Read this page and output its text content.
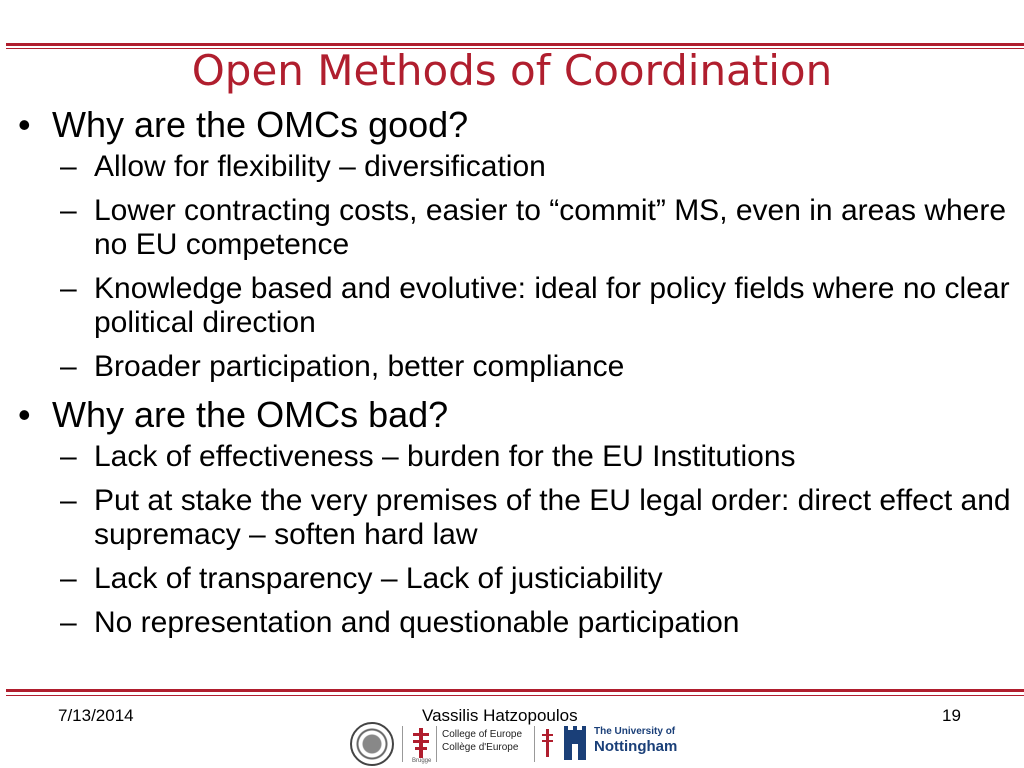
Open Methods of Coordination
• Why are the OMCs good?
– Allow for flexibility – diversification
– Lower contracting costs, easier to “commit” MS, even in areas where no EU competence
– Knowledge based and evolutive: ideal for policy fields where no clear political direction
– Broader participation, better compliance
• Why are the OMCs bad?
– Lack of effectiveness – burden for the EU Institutions
– Put at stake the very premises of the EU legal order: direct effect and supremacy – soften hard law
– Lack of transparency – Lack of justiciability
– No representation and questionable participation
7/13/2014	Vassilis Hatzopoulos	19
Brugge
College of Europe
Collège d'Europe
The University of
Nottingham
